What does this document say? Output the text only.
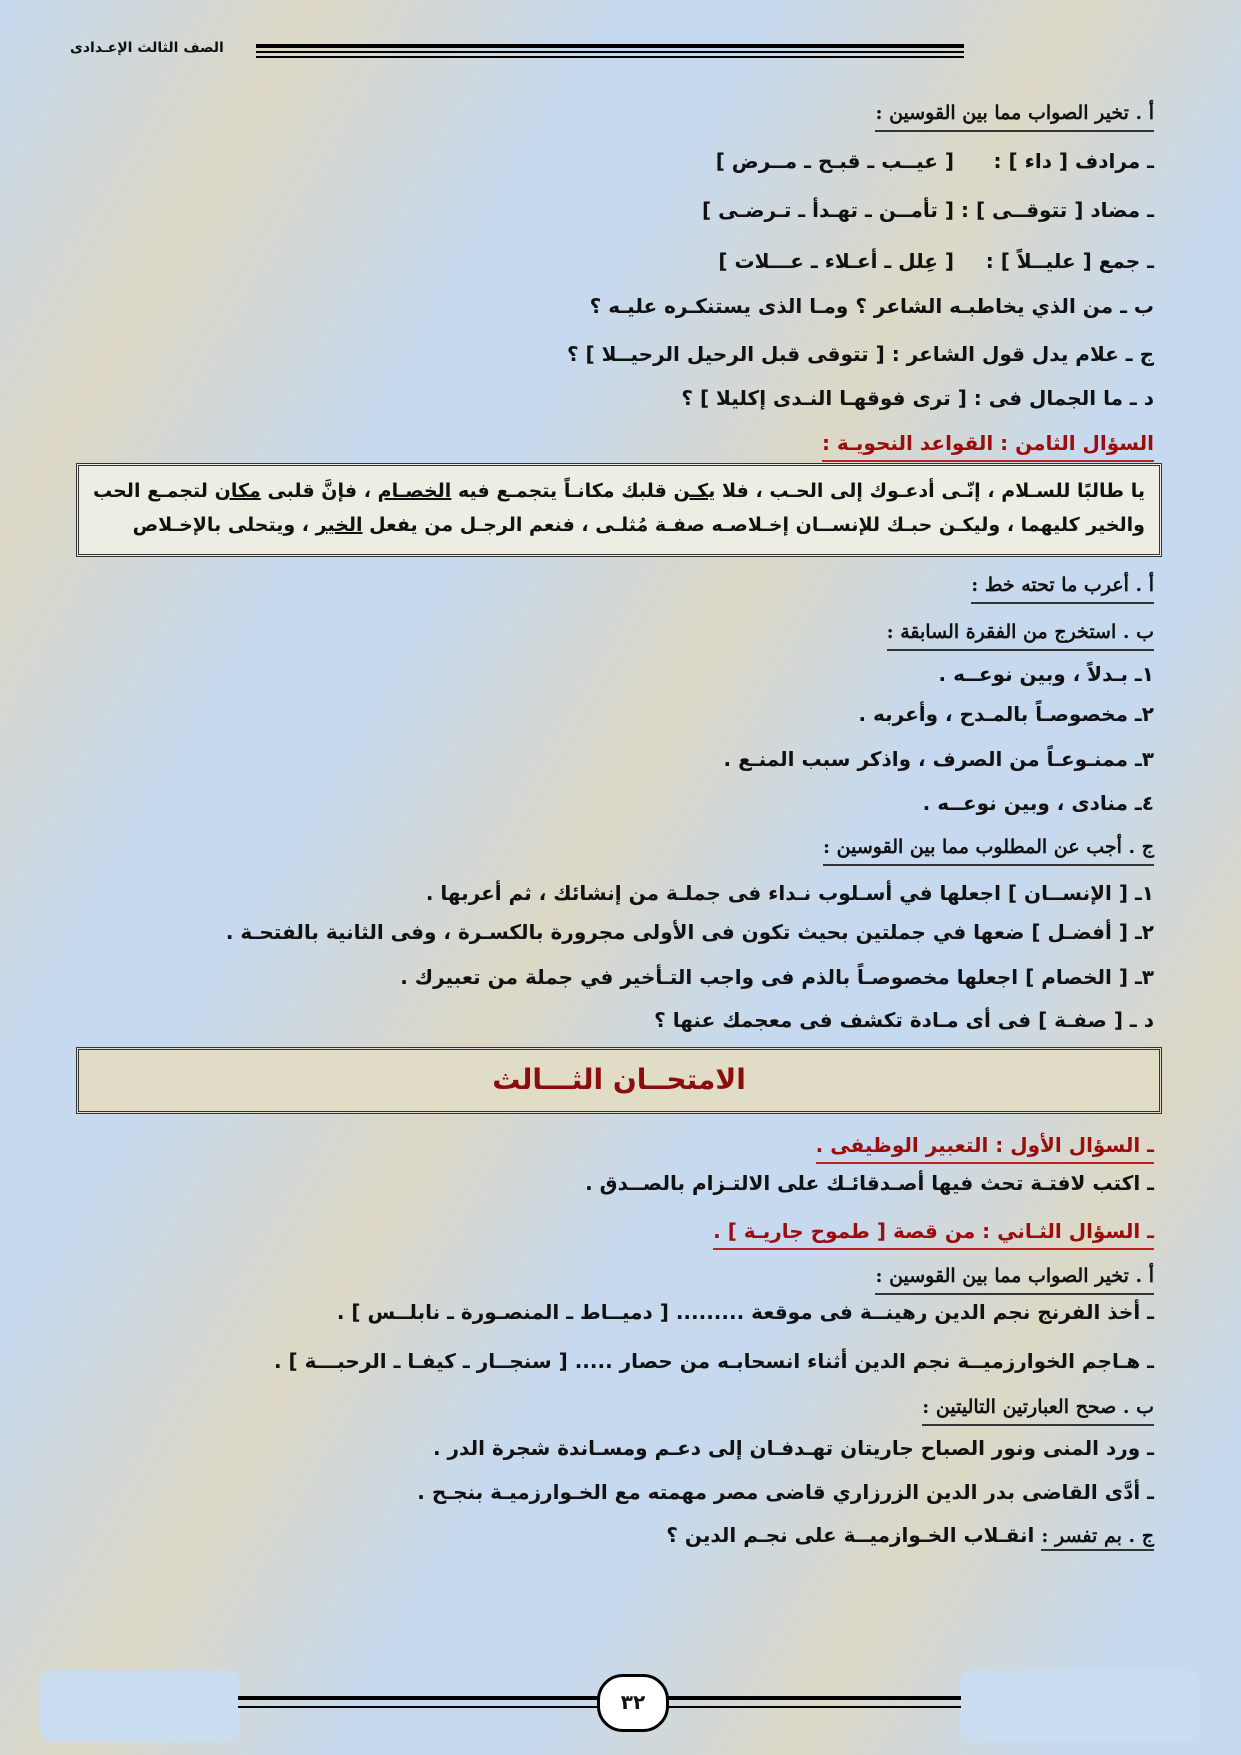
الصف الثالث الإعـدادى
أ . تخير الصواب مما بين القوسين :
ـ مرادف [ داء ] :[ عيــب ـ قبـح ـ مــرض ]
ـ مضاد [ تتوقــى ] :[ تأمــن ـ تهـدأ ـ تـرضـى ]
ـ جمع [ عليــلاً ] :[ عِلل ـ أعـلاء ـ عـــلات ]
ب ـ من الذي يخاطبـه الشاعر ؟ ومـا الذى يستنكـره عليـه ؟
ج ـ علام يدل قول الشاعر : [ تتوقى قبل الرحيل الرحيــلا ] ؟
د ـ ما الجمال فى : [ ترى فوقهـا النـدى إكليلا ] ؟
السؤال الثامن : القواعد النحويـة :
يا طالبًا للسـلام ، إنّـى أدعـوك إلى الحـب ، فلا يكـن قلبك مكانـاً يتجمـع فيه الخصـام ، فإنَّ قلبى مكان لتجمـع الحب والخير كليهما ، وليكـن حبـك للإنســان إخـلاصـه صفـة مُثلـى ، فنعم الرجـل من يفعل الخير ، ويتحلى بالإخـلاص
أ . أعرب ما تحته خط :
ب . استخرج من الفقرة السابقة :
١ـ بـدلاً ، وبين نوعــه .
٢ـ مخصوصـاً بالمـدح ، وأعربه .
٣ـ ممنـوعـاً من الصرف ، واذكر سبب المنـع .
٤ـ منادى ، وبين نوعــه .
ج . أجب عن المطلوب مما بين القوسين :
١ـ [ الإنســان ] اجعلها في أسـلوب نـداء فى جملـة من إنشائك ، ثم أعربها .
٢ـ [ أفضـل ] ضعها في جملتين بحيث تكون فى الأولى مجرورة بالكسـرة ، وفى الثانية بالفتحـة .
٣ـ [ الخصام ] اجعلها مخصوصـاً بالذم فى واجب التـأخير في جملة من تعبيرك .
د ـ [ صفـة ] فى أى مـادة تكشف فى معجمك عنها ؟
الامتحــان الثـــالث
ـ السؤال الأول : التعبير الوظيفى .
ـ اكتب لافتـة تحث فيها أصـدقائـك على الالتـزام بالصــدق .
ـ السؤال الثـاني : من قصة [ طموح جاريـة ] .
أ . تخير الصواب مما بين القوسين :
ـ أخذ الفرنج نجم الدين رهينــة فى موقعة ......... [ دميــاط ـ المنصـورة ـ نابلــس ] .
ـ هـاجم الخوارزميــة نجم الدين أثناء انسحابـه من حصار ..... [ سنجــار ـ كيفـا ـ الرحبـــة ] .
ب . صحح العبارتين التاليتين :
ـ ورد المنى ونور الصباح جاريتان تهـدفـان إلى دعـم ومسـاندة شجرة الدر .
ـ أدَّى القاضى بدر الدين الزرزاري قاضى مصر مهمته مع الخـوارزميـة بنجـح .
ج . بم تفسر : انقـلاب الخـوازميــة على نجـم الدين ؟
٣٢
